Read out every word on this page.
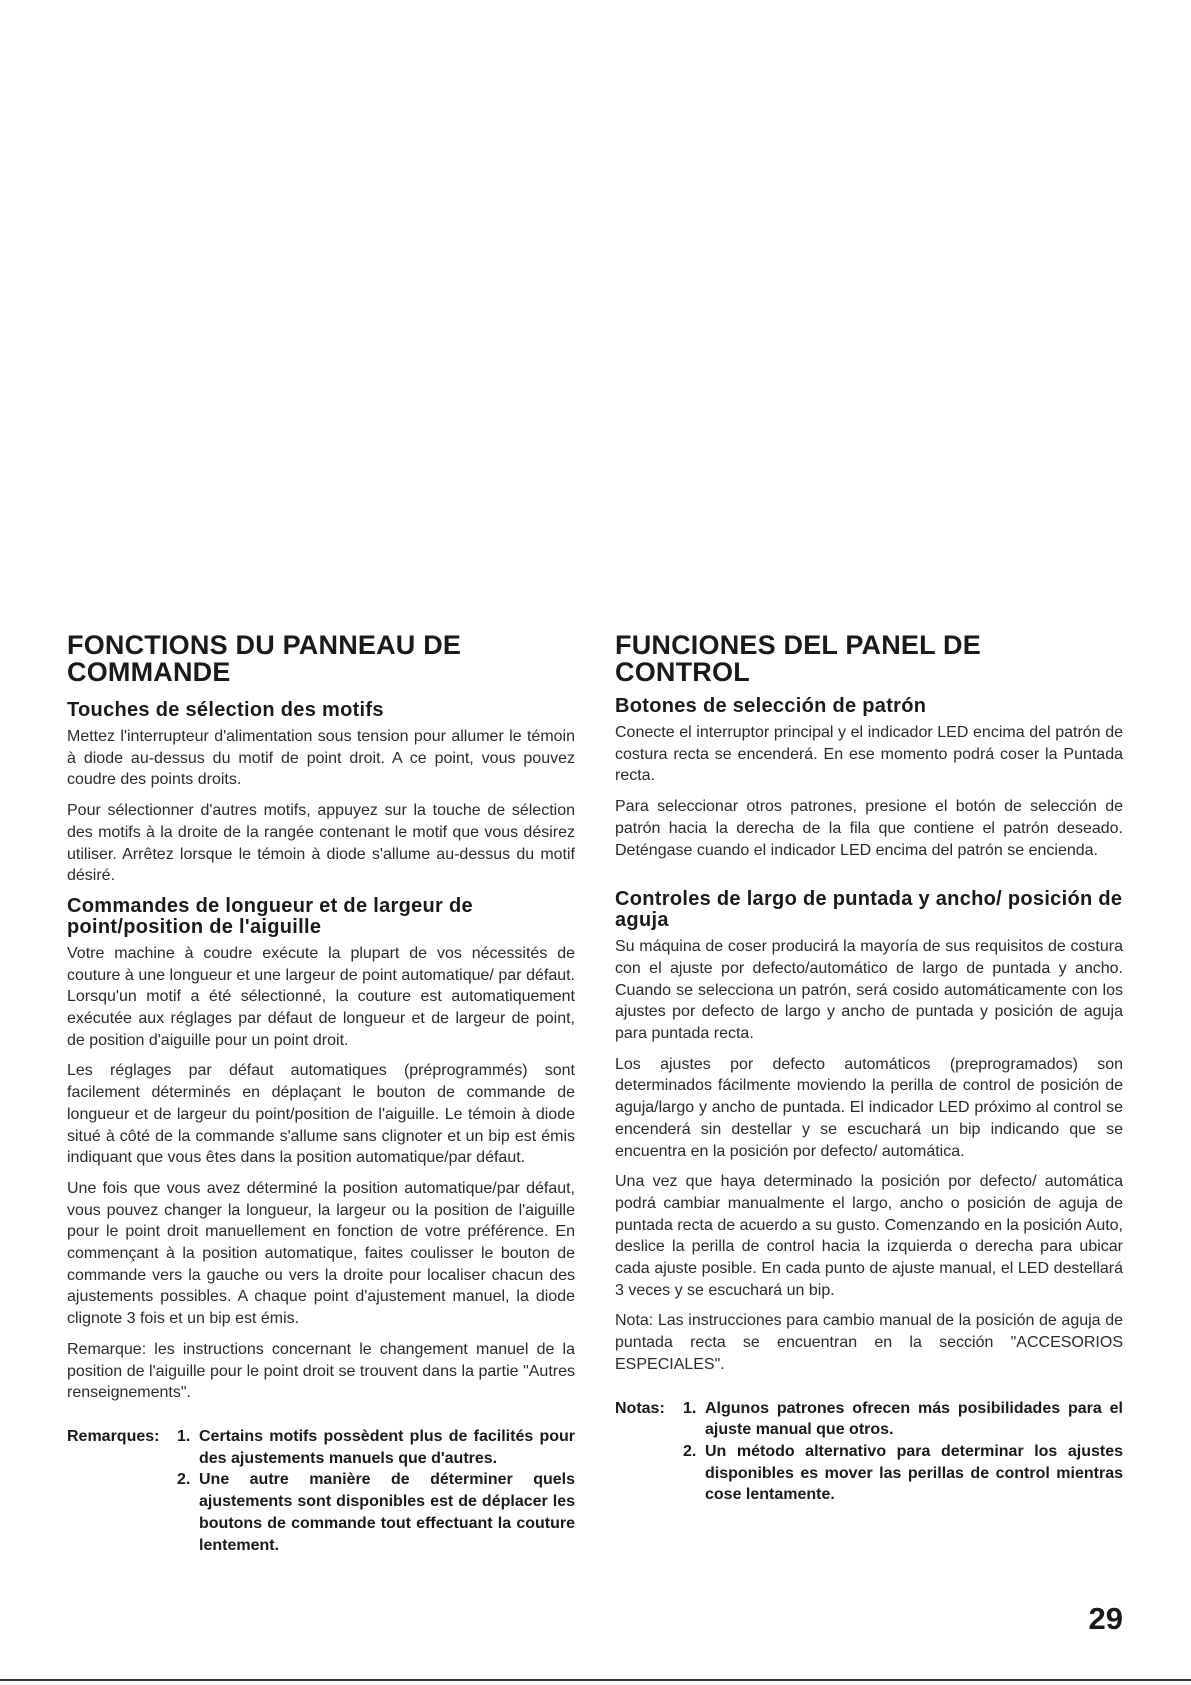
FONCTIONS DU PANNEAU DE COMMANDE
Touches de sélection des motifs

Mettez l'interrupteur d'alimentation sous tension pour allumer le témoin à diode au-dessus du motif de point droit. A ce point, vous pouvez coudre des points droits.

Pour sélectionner d'autres motifs, appuyez sur la touche de sélection des motifs à la droite de la rangée contenant le motif que vous désirez utiliser. Arrêtez lorsque le témoin à diode s'allume au-dessus du motif désiré.

Commandes de longueur et de largeur de point/position de l'aiguille

Votre machine à coudre exécute la plupart de vos nécessités de couture à une longueur et une largeur de point automatique/ par défaut. Lorsqu'un motif a été sélectionné, la couture est automatiquement exécutée aux réglages par défaut de longueur et de largeur de point, de position d'aiguille pour un point droit.

Les réglages par défaut automatiques (préprogrammés) sont facilement déterminés en déplaçant le bouton de commande de longueur et de largeur du point/position de l'aiguille. Le témoin à diode situé à côté de la commande s'allume sans clignoter et un bip est émis indiquant que vous êtes dans la position automatique/par défaut.

Une fois que vous avez déterminé la position automatique/par défaut, vous pouvez changer la longueur, la largeur ou la position de l'aiguille pour le point droit manuellement en fonction de votre préférence. En commençant à la position automatique, faites coulisser le bouton de commande vers la gauche ou vers la droite pour localiser chacun des ajustements possibles. A chaque point d'ajustement manuel, la diode clignote 3 fois et un bip est émis.

Remarque: les instructions concernant le changement manuel de la position de l'aiguille pour le point droit se trouvent dans la partie "Autres renseignements".

Remarques:	1. Certains motifs possèdent plus de facilités pour des ajustements manuels que d'autres.
2. Une autre manière de déterminer quels ajustements sont disponibles est de déplacer les boutons de commande tout effectuant la couture lentement.
FUNCIONES DEL PANEL DE CONTROL
Botones de selección de patrón

Conecte el interruptor principal y el indicador LED encima del patrón de costura recta se encenderá. En ese momento podrá coser la Puntada recta.

Para seleccionar otros patrones, presione el botón de selección de patrón hacia la derecha de la fila que contiene el patrón deseado. Deténgase cuando el indicador LED encima del patrón se encienda.

Controles de largo de puntada y ancho/ posición de aguja

Su máquina de coser producirá la mayoría de sus requisitos de costura con el ajuste por defecto/automático de largo de puntada y ancho. Cuando se selecciona un patrón, será cosido automáticamente con los ajustes por defecto de largo y ancho de puntada y posición de aguja para puntada recta.

Los ajustes por defecto automáticos (preprogramados) son determinados fácilmente moviendo la perilla de control de posición de aguja/largo y ancho de puntada. El indicador LED próximo al control se encenderá sin destellar y se escuchará un bip indicando que se encuentra en la posición por defecto/ automática.

Una vez que haya determinado la posición por defecto/ automática podrá cambiar manualmente el largo, ancho o posición de aguja de puntada recta de acuerdo a su gusto. Comenzando en la posición Auto, deslice la perilla de control hacia la izquierda o derecha para ubicar cada ajuste posible. En cada punto de ajuste manual, el LED destellará 3 veces y se escuchará un bip.

Nota: Las instrucciones para cambio manual de la posición de aguja de puntada recta se encuentran en la sección "ACCESORIOS ESPECIALES".

Notas:	1. Algunos patrones ofrecen más posibilidades para el ajuste manual que otros.
2. Un método alternativo para determinar los ajustes disponibles es mover las perillas de control mientras cose lentamente.
29
